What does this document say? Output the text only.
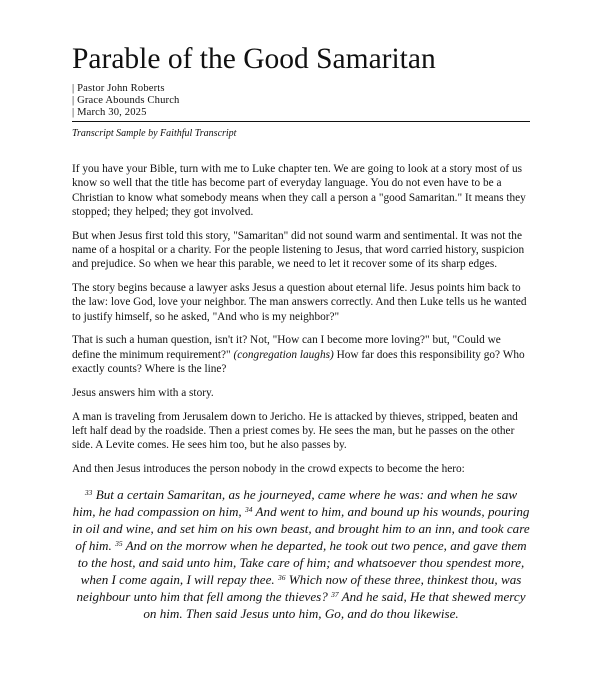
Parable of the Good Samaritan
| Pastor John Roberts
| Grace Abounds Church
| March 30, 2025
Transcript Sample by Faithful Transcript

If you have your Bible, turn with me to Luke chapter ten. We are going to look at a story most of us know so well that the title has become part of everyday language. You do not even have to be a Christian to know what somebody means when they call a person a "good Samaritan." It means they stopped; they helped; they got involved.

But when Jesus first told this story, "Samaritan" did not sound warm and sentimental. It was not the name of a hospital or a charity. For the people listening to Jesus, that word carried history, suspicion and prejudice. So when we hear this parable, we need to let it recover some of its sharp edges.

The story begins because a lawyer asks Jesus a question about eternal life. Jesus points him back to the law: love God, love your neighbor. The man answers correctly. And then Luke tells us he wanted to justify himself, so he asked, "And who is my neighbor?"

That is such a human question, isn't it? Not, "How can I become more loving?" but, "Could we define the minimum requirement?" (congregation laughs) How far does this responsibility go? Who exactly counts? Where is the line?

Jesus answers him with a story.

A man is traveling from Jerusalem down to Jericho. He is attacked by thieves, stripped, beaten and left half dead by the roadside. Then a priest comes by. He sees the man, but he passes on the other side. A Levite comes. He sees him too, but he also passes by.

And then Jesus introduces the person nobody in the crowd expects to become the hero:

$^{33}$ But a certain Samaritan, as he journeyed, came where he was: and when he saw him, he had compassion on him, $^{34}$ And went to him, and bound up his wounds, pouring in oil and wine, and set him on his own beast, and brought him to an inn, and took care of him. $^{35}$ And on the morrow when he departed, he took out two pence, and gave them to the host, and said unto him, Take care of him; and whatsoever thou spendest more, when I come again, I will repay thee. $^{36}$ Which now of these three, thinkest thou, was neighbour unto him that fell among the thieves? $^{37}$ And he said, He that shewed mercy on him. Then said Jesus unto him, Go, and do thou likewise.
